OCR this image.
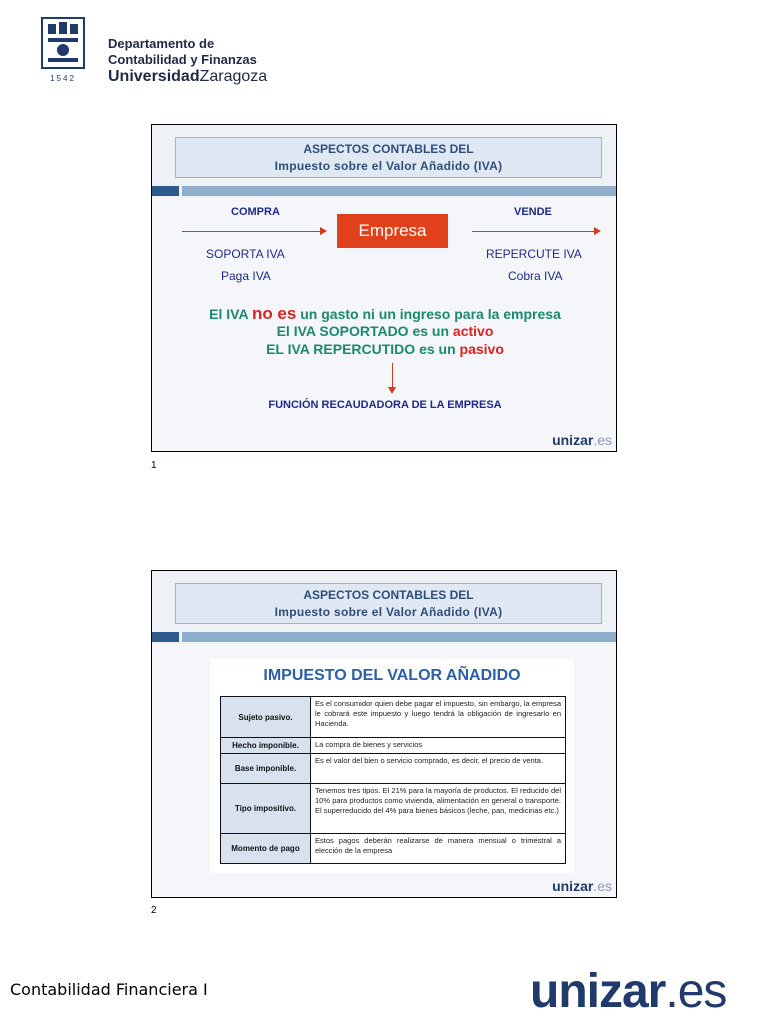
1542
Departamento de
Contabilidad y Finanzas
UniversidadZaragoza
ASPECTOS CONTABLES DEL
Impuesto sobre el Valor Añadido (IVA)
COMPRA	VENDE
Empresa
SOPORTA IVA
Paga IVA
REPERCUTE IVA
Cobra IVA
El IVA no es un gasto ni un ingreso para la empresa
El IVA SOPORTADO es un activo
EL IVA REPERCUTIDO es un pasivo
FUNCIÓN RECAUDADORA DE LA EMPRESA
unizar.es
1
ASPECTOS CONTABLES DEL
Impuesto sobre el Valor Añadido (IVA)
IMPUESTO DEL VALOR AÑADIDO
Sujeto pasivo.	Es el consumidor quien debe pagar el impuesto, sin embargo, la empresa le cobrará este impuesto y luego tendrá la obligación de ingresarlo en Hacienda.
Hecho imponible.	La compra de bienes y servicios
Base imponible.	Es el valor del bien o servicio comprado, es decir, el precio de venta.
Tipo impositivo.	Tenemos tres tipos. El 21% para la mayoría de productos. El reducido del 10% para productos como vivienda, alimentación en general o transporte. El superreducido del 4% para bienes básicos (leche, pan, medicinas etc.)
Momento de pago	Estos pagos deberán realizarse de manera mensual o trimestral a elección de la empresa
unizar.es
2
Contabilidad Financiera I	unizar.es
